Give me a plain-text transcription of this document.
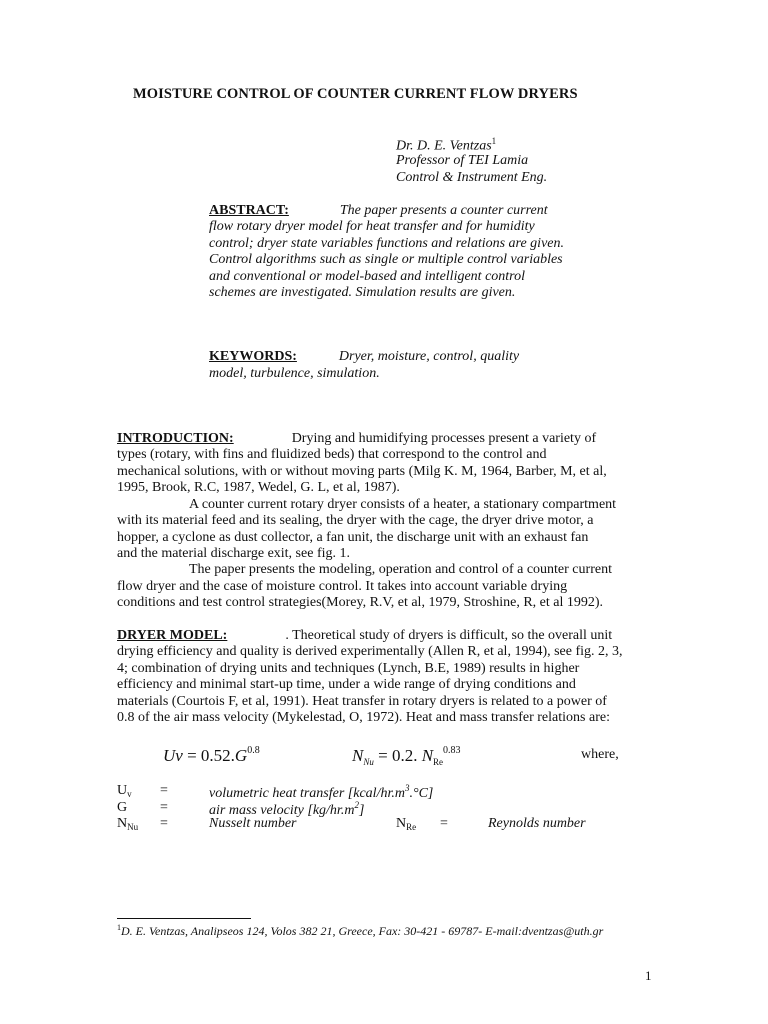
MOISTURE CONTROL OF COUNTER CURRENT FLOW DRYERS
Dr. D. E. Ventzas$^1$
Professor of TEI Lamia
Control & Instrument Eng.
ABSTRACT:	The paper presents a counter current
flow rotary dryer model for heat transfer and for humidity
control; dryer state variables functions and relations are given.
Control algorithms such as single or multiple control variables
and conventional or model-based and intelligent control
schemes are investigated. Simulation results are given.
KEYWORDS:	Dryer, moisture, control, quality
model, turbulence, simulation.
INTRODUCTION:	Drying and humidifying processes present a variety of
types (rotary, with fins and fluidized beds) that correspond to the control and
mechanical solutions, with or without moving parts (Milg K. M, 1964, Barber, M, et al,
1995, Brook, R.C, 1987, Wedel, G. L, et al, 1987).
A counter current rotary dryer consists of a heater, a stationary compartment
with its material feed and its sealing, the dryer with the cage, the dryer drive motor, a
hopper, a cyclone as dust collector, a fan unit, the discharge unit with an exhaust fan
and the material discharge exit, see fig. 1.
The paper presents the modeling, operation and control of a counter current
flow dryer and the case of moisture control. It takes into account variable drying
conditions and test control strategies(Morey, R.V, et al, 1979, Stroshine, R, et al 1992).
DRYER MODEL:	. Theoretical study of dryers is difficult, so the overall unit
drying efficiency and quality is derived experimentally (Allen R, et al, 1994), see fig. 2, 3,
4; combination of drying units and techniques (Lynch, B.E, 1989) results in higher
efficiency and minimal start-up time, under a wide range of drying conditions and
materials (Courtois F, et al, 1991). Heat transfer in rotary dryers is related to a power of
0.8 of the air mass velocity (Mykelestad, O, 1972). Heat and mass transfer relations are:
$Uv = 0.52.G^{0.8}$	$N_{Nu} = 0.2$. $N_{Re}^{0.83}$	where,
$U_v$ =	volumetric heat transfer $[kcal/hr.m^3.^\circ C]$
G =	air mass velocity $[kg/hr.m^2]$
$N_{Nu}$ =	Nusselt number	$N_{Re}$ =	Reynolds number
$^1$D. E. Ventzas, Analipseos 124, Volos 382 21, Greece, Fax: 30-421 - 69787- E-mail:dventzas@uth.gr
1
